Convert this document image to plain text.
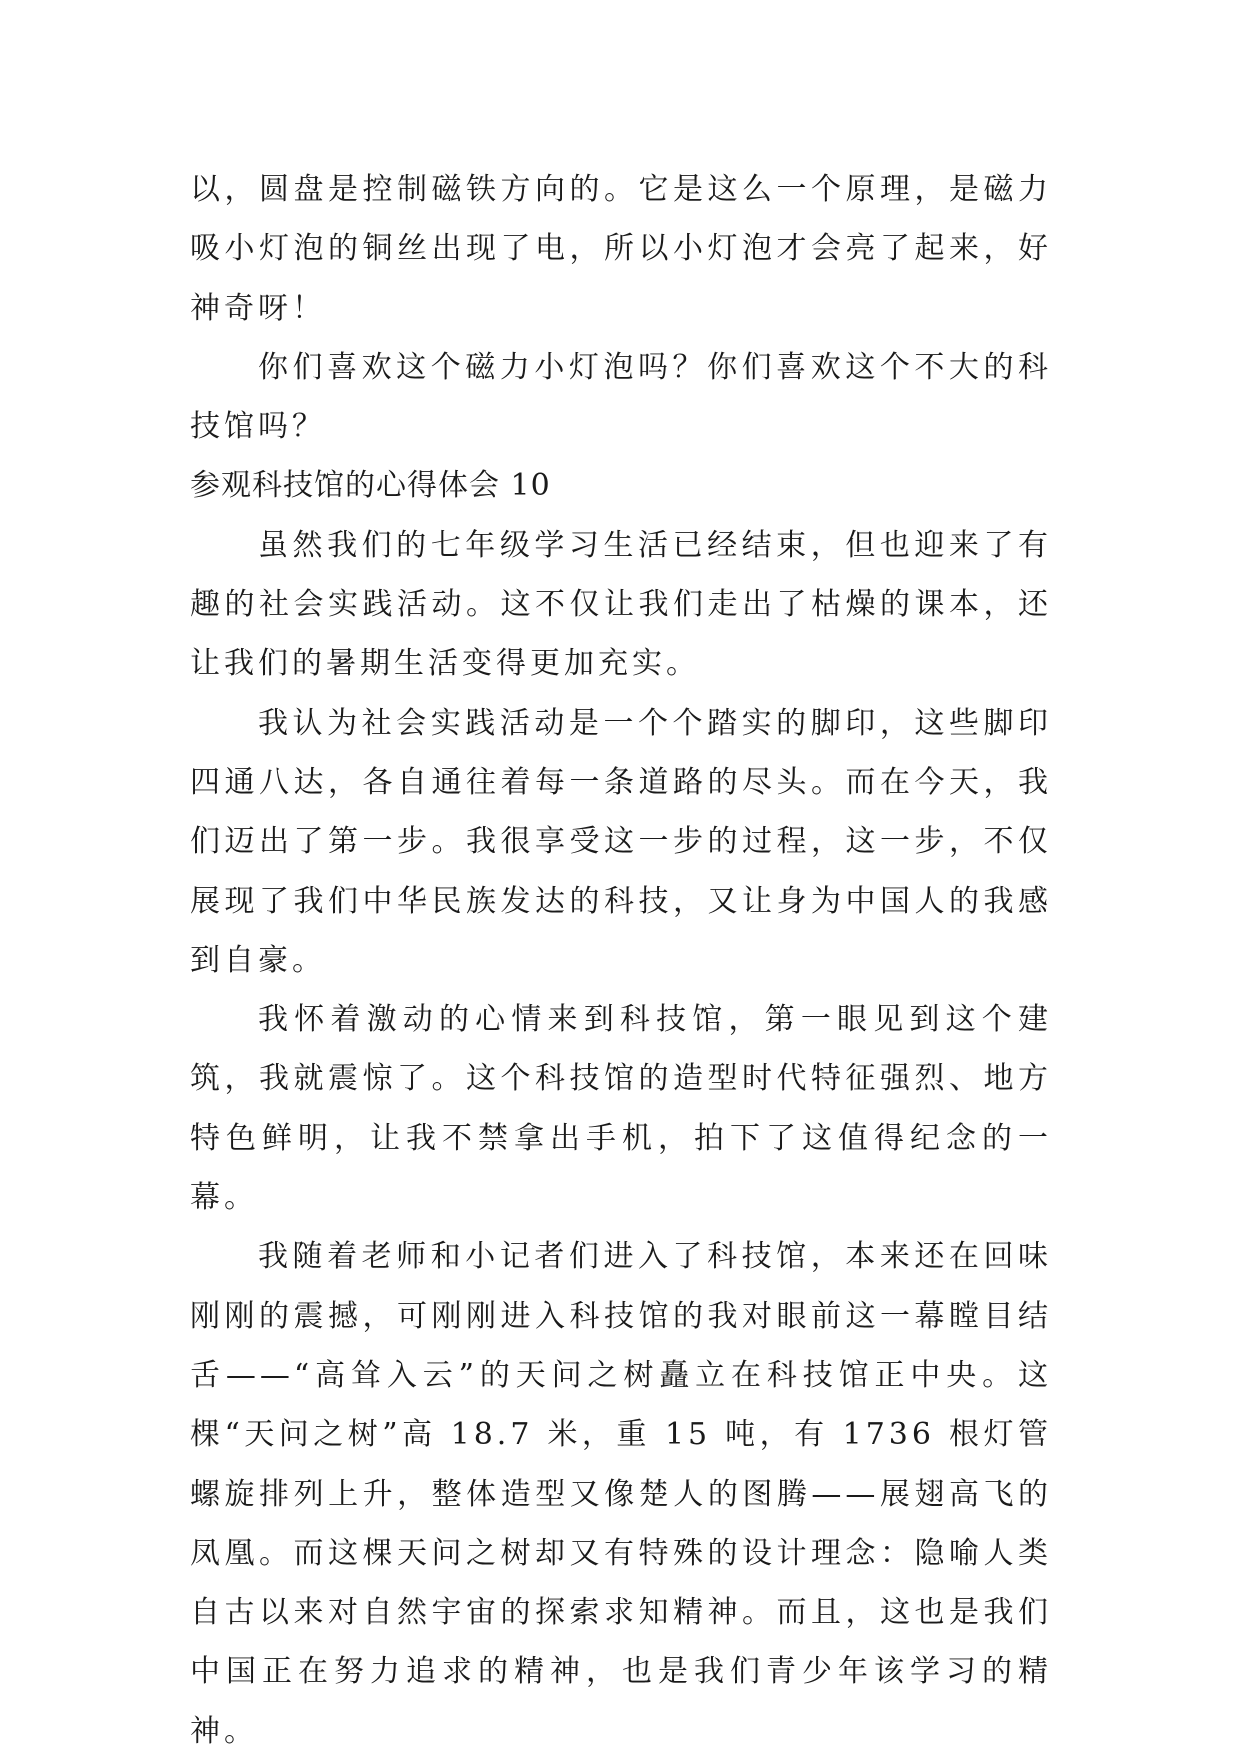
以，圆盘是控制磁铁方向的。它是这么一个原理，是磁力吸小灯泡的铜丝出现了电，所以小灯泡才会亮了起来，好神奇呀！

你们喜欢这个磁力小灯泡吗？你们喜欢这个不大的科技馆吗？

参观科技馆的心得体会 10

虽然我们的七年级学习生活已经结束，但也迎来了有趣的社会实践活动。这不仅让我们走出了枯燥的课本，还让我们的暑期生活变得更加充实。

我认为社会实践活动是一个个踏实的脚印，这些脚印四通八达，各自通往着每一条道路的尽头。而在今天，我们迈出了第一步。我很享受这一步的过程，这一步，不仅展现了我们中华民族发达的科技，又让身为中国人的我感到自豪。

我怀着激动的心情来到科技馆，第一眼见到这个建筑，我就震惊了。这个科技馆的造型时代特征强烈、地方特色鲜明，让我不禁拿出手机，拍下了这值得纪念的一幕。

我随着老师和小记者们进入了科技馆，本来还在回味刚刚的震撼，可刚刚进入科技馆的我对眼前这一幕瞠目结舌——“高耸入云”的天问之树矗立在科技馆正中央。这棵“天问之树”高 18.7 米，重 15 吨，有 1736 根灯管螺旋排列上升，整体造型又像楚人的图腾——展翅高飞的凤凰。而这棵天问之树却又有特殊的设计理念：隐喻人类自古以来对自然宇宙的探索求知精神。而且，这也是我们中国正在努力追求的精神，也是我们青少年该学习的精神。
